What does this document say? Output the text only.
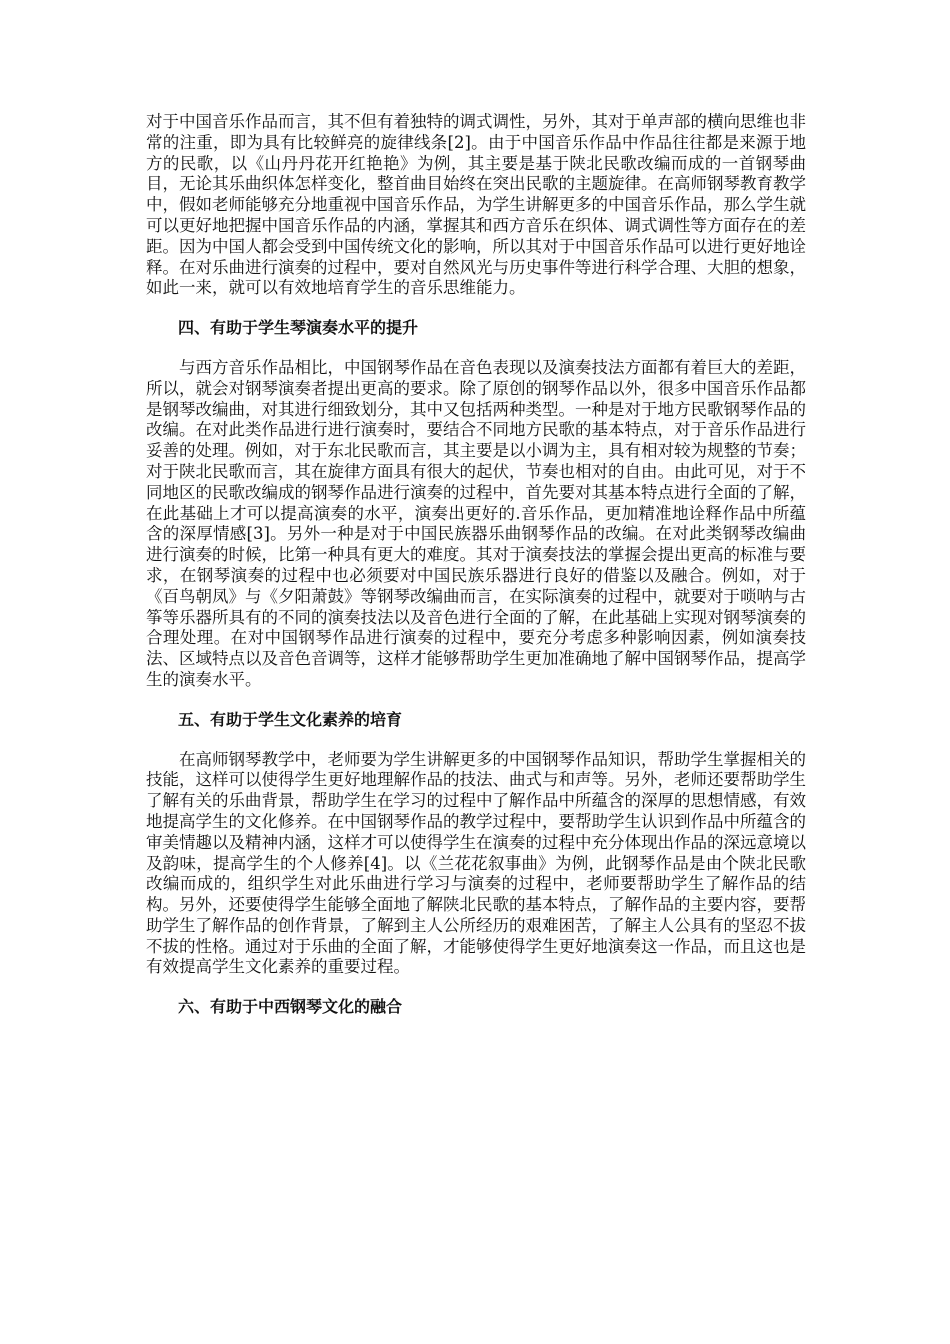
对于中国音乐作品而言，其不但有着独特的调式调性，另外，其对于单声部的横向思维也非常的注重，即为具有比较鲜亮的旋律线条[2]。由于中国音乐作品中作品往往都是来源于地方的民歌，以《山丹丹花开红艳艳》为例，其主要是基于陕北民歌改编而成的一首钢琴曲目，无论其乐曲织体怎样变化，整首曲目始终在突出民歌的主题旋律。在高师钢琴教育教学中，假如老师能够充分地重视中国音乐作品，为学生讲解更多的中国音乐作品，那么学生就可以更好地把握中国音乐作品的内涵，掌握其和西方音乐在织体、调式调性等方面存在的差距。因为中国人都会受到中国传统文化的影响，所以其对于中国音乐作品可以进行更好地诠释。在对乐曲进行演奏的过程中，要对自然风光与历史事件等进行科学合理、大胆的想象，如此一来，就可以有效地培育学生的音乐思维能力。

四、有助于学生琴演奏水平的提升

与西方音乐作品相比，中国钢琴作品在音色表现以及演奏技法方面都有着巨大的差距，所以，就会对钢琴演奏者提出更高的要求。除了原创的钢琴作品以外，很多中国音乐作品都是钢琴改编曲，对其进行细致划分，其中又包括两种类型。一种是对于地方民歌钢琴作品的改编。在对此类作品进行进行演奏时，要结合不同地方民歌的基本特点，对于音乐作品进行妥善的处理。例如，对于东北民歌而言，其主要是以小调为主，具有相对较为规整的节奏；对于陕北民歌而言，其在旋律方面具有很大的起伏，节奏也相对的自由。由此可见，对于不同地区的民歌改编成的钢琴作品进行演奏的过程中，首先要对其基本特点进行全面的了解，在此基础上才可以提高演奏的水平，演奏出更好的.音乐作品，更加精准地诠释作品中所蕴含的深厚情感[3]。另外一种是对于中国民族器乐曲钢琴作品的改编。在对此类钢琴改编曲进行演奏的时候，比第一种具有更大的难度。其对于演奏技法的掌握会提出更高的标准与要求，在钢琴演奏的过程中也必须要对中国民族乐器进行良好的借鉴以及融合。例如，对于《百鸟朝凤》与《夕阳萧鼓》等钢琴改编曲而言，在实际演奏的过程中，就要对于唢呐与古筝等乐器所具有的不同的演奏技法以及音色进行全面的了解，在此基础上实现对钢琴演奏的合理处理。在对中国钢琴作品进行演奏的过程中，要充分考虑多种影响因素，例如演奏技法、区域特点以及音色音调等，这样才能够帮助学生更加准确地了解中国钢琴作品，提高学生的演奏水平。

五、有助于学生文化素养的培育

在高师钢琴教学中，老师要为学生讲解更多的中国钢琴作品知识，帮助学生掌握相关的技能，这样可以使得学生更好地理解作品的技法、曲式与和声等。另外，老师还要帮助学生了解有关的乐曲背景，帮助学生在学习的过程中了解作品中所蕴含的深厚的思想情感，有效地提高学生的文化修养。在中国钢琴作品的教学过程中，要帮助学生认识到作品中所蕴含的审美情趣以及精神内涵，这样才可以使得学生在演奏的过程中充分体现出作品的深远意境以及韵味，提高学生的个人修养[4]。以《兰花花叙事曲》为例，此钢琴作品是由个陕北民歌改编而成的，组织学生对此乐曲进行学习与演奏的过程中，老师要帮助学生了解作品的结构。另外，还要使得学生能够全面地了解陕北民歌的基本特点，了解作品的主要内容，要帮助学生了解作品的创作背景，了解到主人公所经历的艰难困苦，了解主人公具有的坚忍不拔不拔的性格。通过对于乐曲的全面了解，才能够使得学生更好地演奏这一作品，而且这也是有效提高学生文化素养的重要过程。

六、有助于中西钢琴文化的融合
